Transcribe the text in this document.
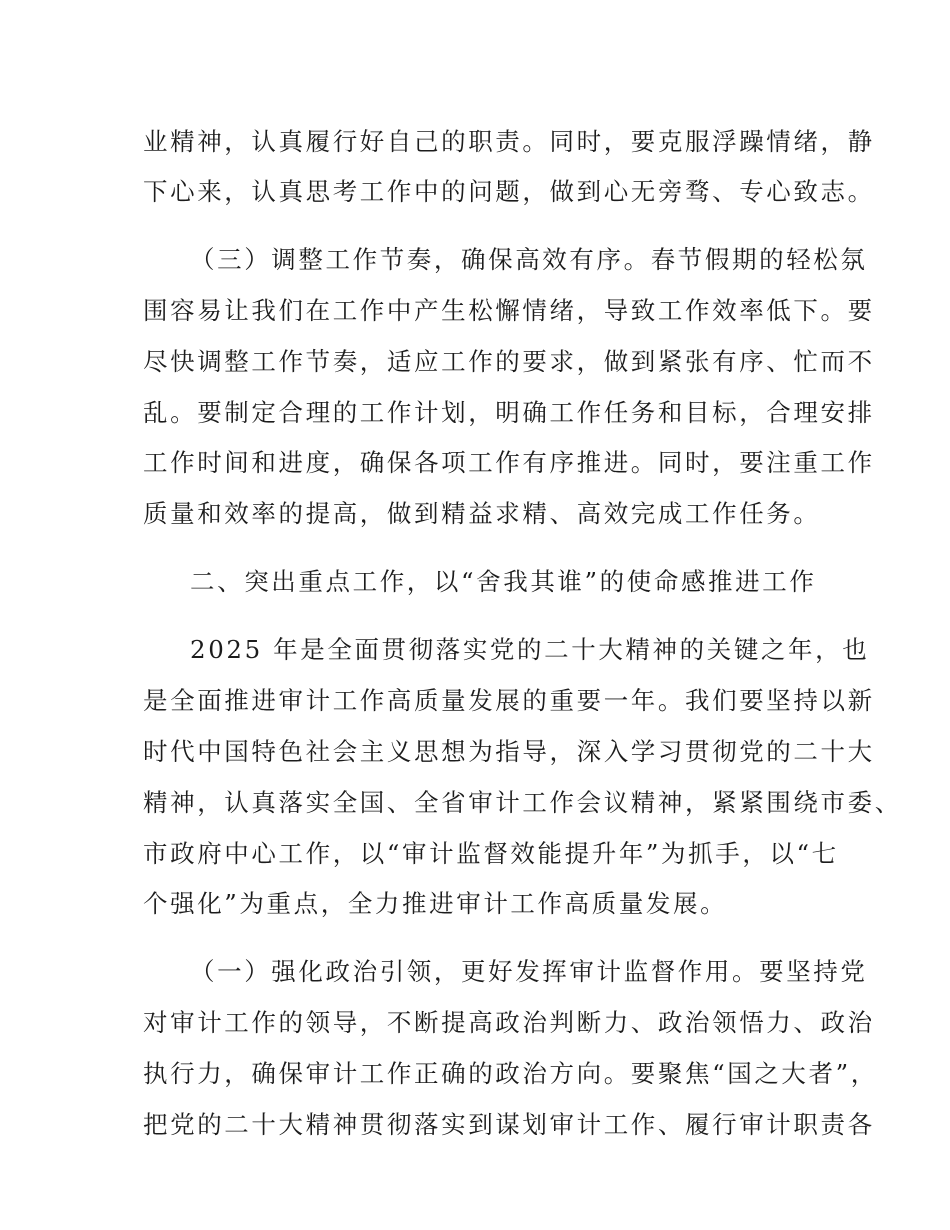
业精神，认真履行好自己的职责。同时，要克服浮躁情绪，静
下心来，认真思考工作中的问题，做到心无旁骛、专心致志。
（三）调整工作节奏，确保高效有序。春节假期的轻松氛
围容易让我们在工作中产生松懈情绪，导致工作效率低下。要
尽快调整工作节奏，适应工作的要求，做到紧张有序、忙而不
乱。要制定合理的工作计划，明确工作任务和目标，合理安排
工作时间和进度，确保各项工作有序推进。同时，要注重工作
质量和效率的提高，做到精益求精、高效完成工作任务。
二、突出重点工作，以“舍我其谁”的使命感推进工作
2025 年是全面贯彻落实党的二十大精神的关键之年，也
是全面推进审计工作高质量发展的重要一年。我们要坚持以新
时代中国特色社会主义思想为指导，深入学习贯彻党的二十大
精神，认真落实全国、全省审计工作会议精神，紧紧围绕市委、
市政府中心工作，以“审计监督效能提升年”为抓手，以“七
个强化”为重点，全力推进审计工作高质量发展。
（一）强化政治引领，更好发挥审计监督作用。要坚持党
对审计工作的领导，不断提高政治判断力、政治领悟力、政治
执行力，确保审计工作正确的政治方向。要聚焦“国之大者”，
把党的二十大精神贯彻落实到谋划审计工作、履行审计职责各
